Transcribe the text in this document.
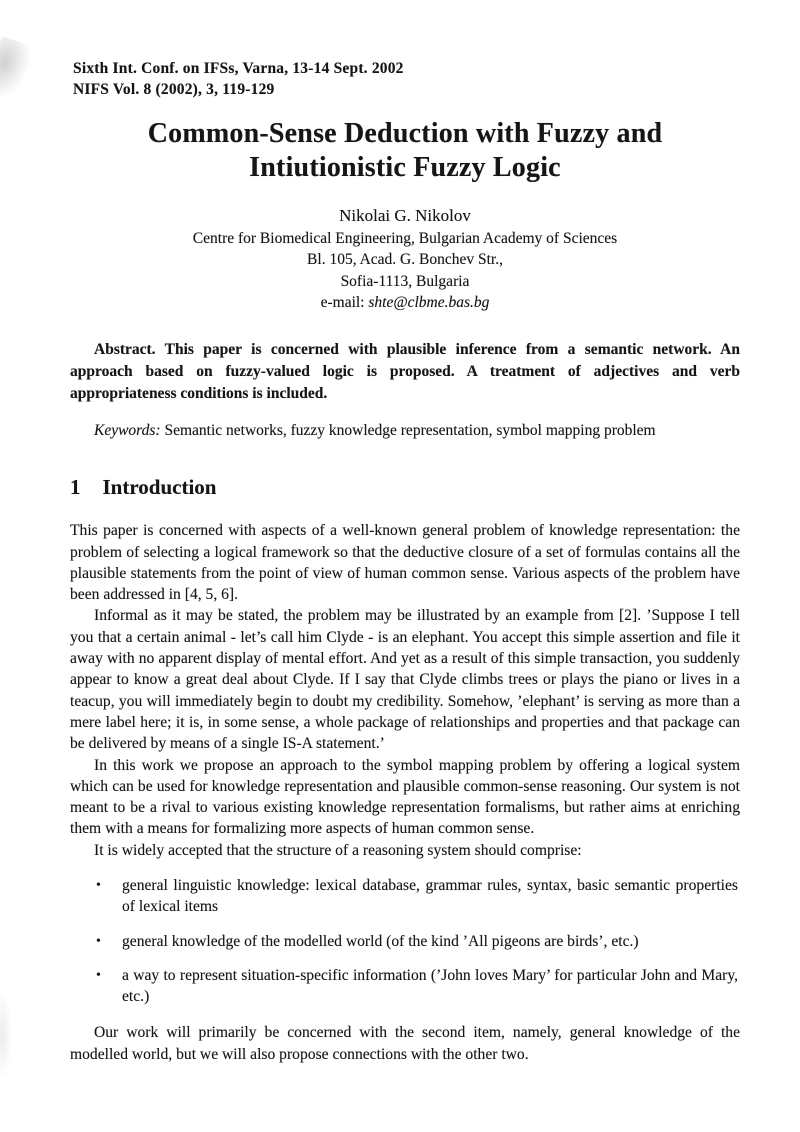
Sixth Int. Conf. on IFSs, Varna, 13-14 Sept. 2002
NIFS Vol. 8 (2002), 3, 119-129
Common-Sense Deduction with Fuzzy and
Intiutionistic Fuzzy Logic
Nikolai G. Nikolov
Centre for Biomedical Engineering, Bulgarian Academy of Sciences
Bl. 105, Acad. G. Bonchev Str.,
Sofia-1113, Bulgaria
e-mail: shte@clbme.bas.bg

Abstract. This paper is concerned with plausible inference from a semantic network. An approach based on fuzzy-valued logic is proposed. A treatment of adjectives and verb appropriateness conditions is included.

Keywords: Semantic networks, fuzzy knowledge representation, symbol mapping problem

1 Introduction

This paper is concerned with aspects of a well-known general problem of knowledge representation: the problem of selecting a logical framework so that the deductive closure of a set of formulas contains all the plausible statements from the point of view of human common sense. Various aspects of the problem have been addressed in [4, 5, 6].

Informal as it may be stated, the problem may be illustrated by an example from [2]. ’Suppose I tell you that a certain animal - let’s call him Clyde - is an elephant. You accept this simple assertion and file it away with no apparent display of mental effort. And yet as a result of this simple transaction, you suddenly appear to know a great deal about Clyde. If I say that Clyde climbs trees or plays the piano or lives in a teacup, you will immediately begin to doubt my credibility. Somehow, ’elephant’ is serving as more than a mere label here; it is, in some sense, a whole package of relationships and properties and that package can be delivered by means of a single IS-A statement.’

In this work we propose an approach to the symbol mapping problem by offering a logical system which can be used for knowledge representation and plausible common-sense reasoning. Our system is not meant to be a rival to various existing knowledge representation formalisms, but rather aims at enriching them with a means for formalizing more aspects of human common sense.

It is widely accepted that the structure of a reasoning system should comprise:

•	general linguistic knowledge: lexical database, grammar rules, syntax, basic semantic properties of lexical items
•	general knowledge of the modelled world (of the kind ’All pigeons are birds’, etc.)
•	a way to represent situation-specific information (’John loves Mary’ for particular John and Mary, etc.)

Our work will primarily be concerned with the second item, namely, general knowledge of the modelled world, but we will also propose connections with the other two.
